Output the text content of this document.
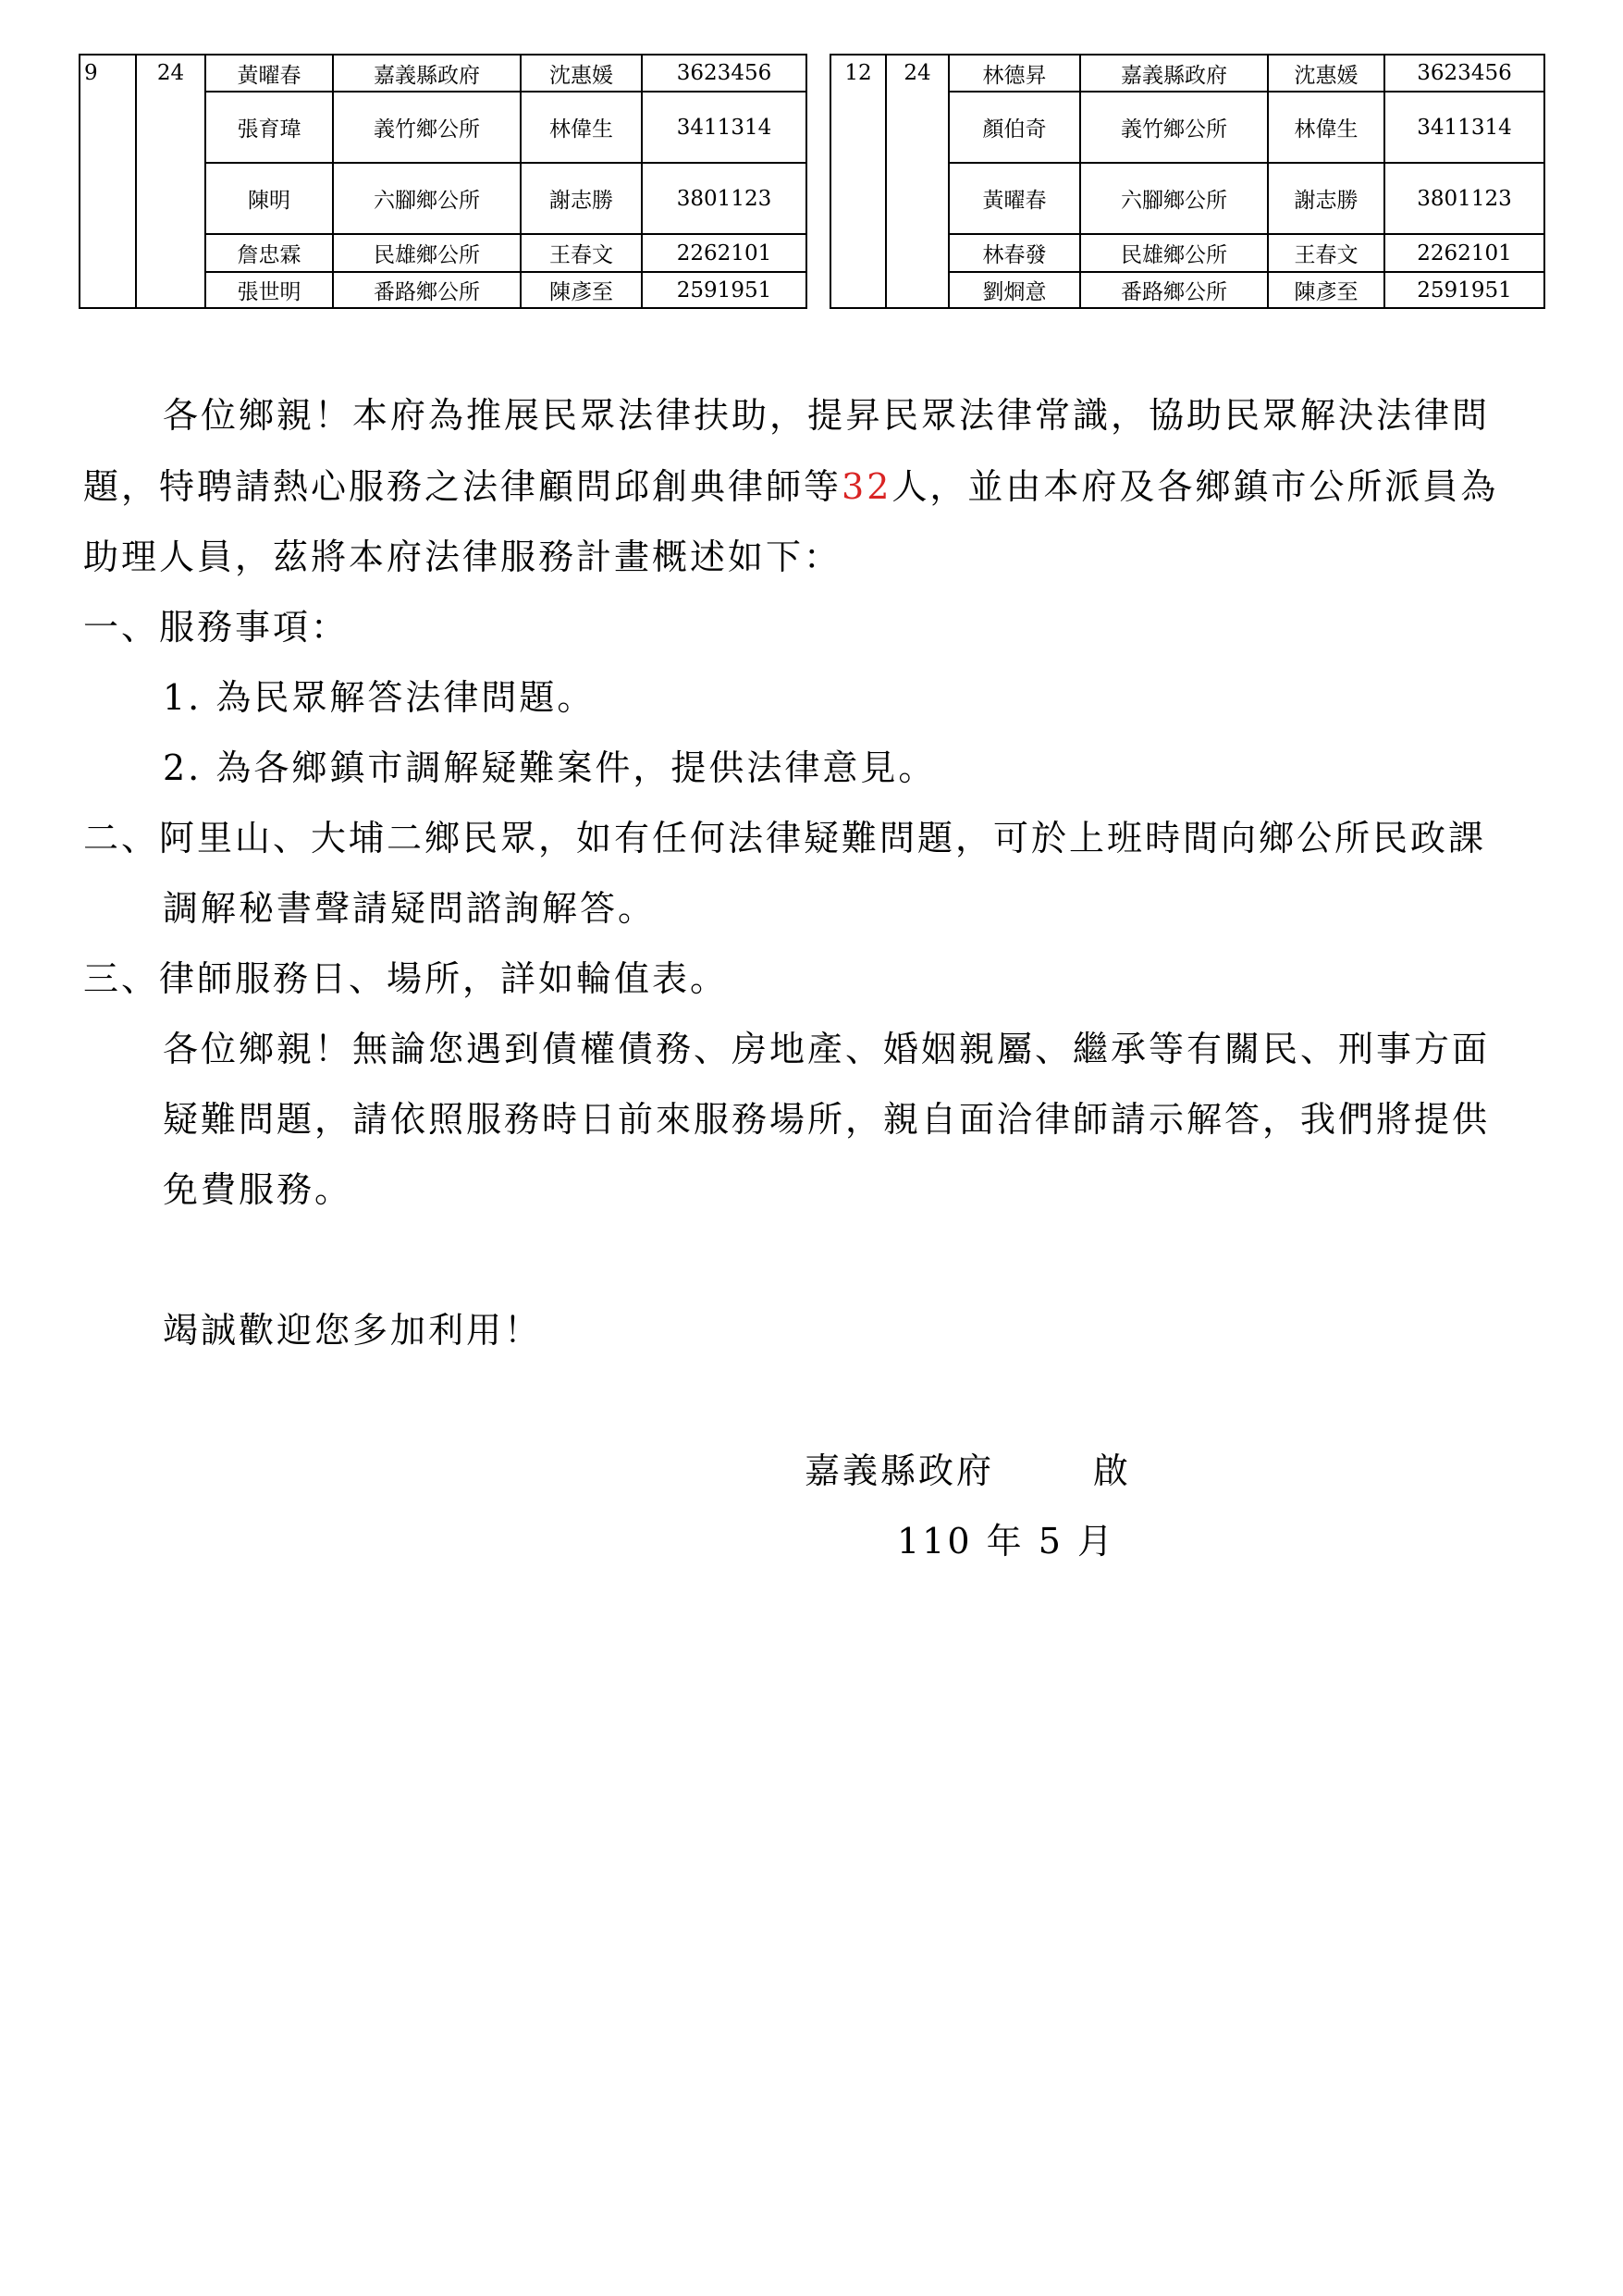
9	24	黃曜春	嘉義縣政府	沈惠媛	3623456
		張育瑋	義竹鄉公所	林偉生	3411314
		陳明	六腳鄉公所	謝志勝	3801123
		詹忠霖	民雄鄉公所	王春文	2262101
		張世明	番路鄉公所	陳彥至	2591951
12	24	林德昇	嘉義縣政府	沈惠媛	3623456
		顏伯奇	義竹鄉公所	林偉生	3411314
		黃曜春	六腳鄉公所	謝志勝	3801123
		林春發	民雄鄉公所	王春文	2262101
		劉烱意	番路鄉公所	陳彥至	2591951
各位鄉親！本府為推展民眾法律扶助，提昇民眾法律常識，協助民眾解決法律問
題，特聘請熱心服務之法律顧問邱創典律師等32人，並由本府及各鄉鎮市公所派員為
助理人員，茲將本府法律服務計畫概述如下：
一、服務事項：
1. 為民眾解答法律問題。
2. 為各鄉鎮市調解疑難案件，提供法律意見。
二、阿里山、大埔二鄉民眾，如有任何法律疑難問題，可於上班時間向鄉公所民政課
調解秘書聲請疑問諮詢解答。
三、律師服務日、場所，詳如輪值表。
各位鄉親！無論您遇到債權債務、房地產、婚姻親屬、繼承等有關民、刑事方面
疑難問題，請依照服務時日前來服務場所，親自面洽律師請示解答，我們將提供
免費服務。
竭誠歡迎您多加利用！
嘉義縣政府	啟
110 年 5 月
